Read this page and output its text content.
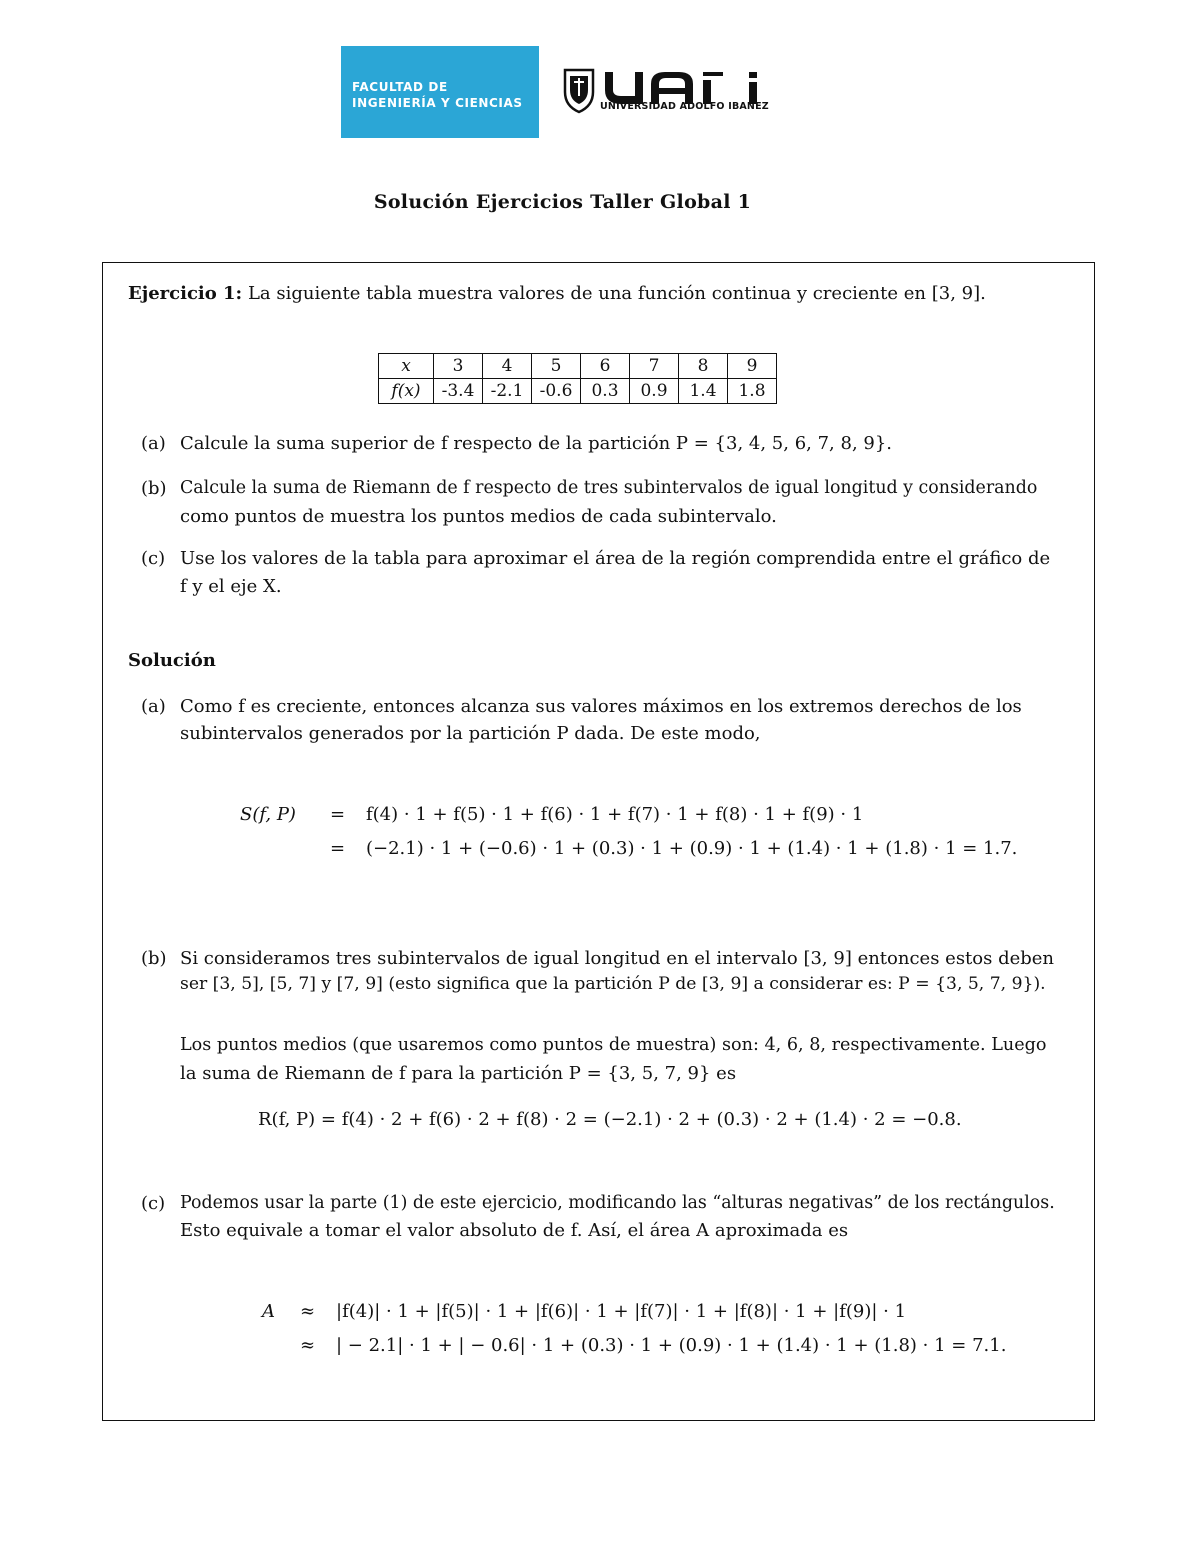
FACULTAD DE
INGENIERÍA Y CIENCIAS	UNIVERSIDAD ADOLFO IBAÑEZ
Solución Ejercicios Taller Global 1
Ejercicio 1: La siguiente tabla muestra valores de una función continua y creciente en [3, 9].
x	3	4	5	6	7	8	9
f(x)	-3.4	-2.1	-0.6	0.3	0.9	1.4	1.8
(a) Calcule la suma superior de f respecto de la partición P = {3, 4, 5, 6, 7, 8, 9}.
(b) Calcule la suma de Riemann de f respecto de tres subintervalos de igual longitud y considerando
como puntos de muestra los puntos medios de cada subintervalo.
(c) Use los valores de la tabla para aproximar el área de la región comprendida entre el gráfico de
f y el eje X.
Solución
(a) Como f es creciente, entonces alcanza sus valores máximos en los extremos derechos de los
subintervalos generados por la partición P dada. De este modo,
S(f, P) = f(4) · 1 + f(5) · 1 + f(6) · 1 + f(7) · 1 + f(8) · 1 + f(9) · 1
= (−2.1) · 1 + (−0.6) · 1 + (0.3) · 1 + (0.9) · 1 + (1.4) · 1 + (1.8) · 1 = 1.7.
(b) Si consideramos tres subintervalos de igual longitud en el intervalo [3, 9] entonces estos deben
ser [3, 5], [5, 7] y [7, 9] (esto significa que la partición P de [3, 9] a considerar es: P = {3, 5, 7, 9}).
Los puntos medios (que usaremos como puntos de muestra) son: 4, 6, 8, respectivamente. Luego
la suma de Riemann de f para la partición P = {3, 5, 7, 9} es
R(f, P) = f(4) · 2 + f(6) · 2 + f(8) · 2 = (−2.1) · 2 + (0.3) · 2 + (1.4) · 2 = −0.8.
(c) Podemos usar la parte (1) de este ejercicio, modificando las “alturas negativas” de los rectángulos.
Esto equivale a tomar el valor absoluto de f. Así, el área A aproximada es
A ≈ |f(4)| · 1 + |f(5)| · 1 + |f(6)| · 1 + |f(7)| · 1 + |f(8)| · 1 + |f(9)| · 1
≈ | − 2.1| · 1 + | − 0.6| · 1 + (0.3) · 1 + (0.9) · 1 + (1.4) · 1 + (1.8) · 1 = 7.1.
